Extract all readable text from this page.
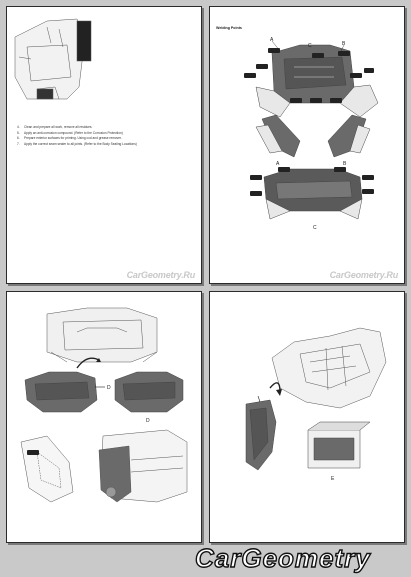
4.	Clean and prepare all work, remove all residues.
5.	Apply an anti-corrosion compound. (Refer to the Corrosion Protection)
6.	Prepare exterior surfaces for priming. Using cod and grease remover.
7.	Apply the correct seam sealer to all joints. (Refer to the Body Sealing Locations)
CarGeometry.Ru
Welding Points
A
C	B
A	B
C
CarGeometry.Ru
D
D
E
CarGeometry
